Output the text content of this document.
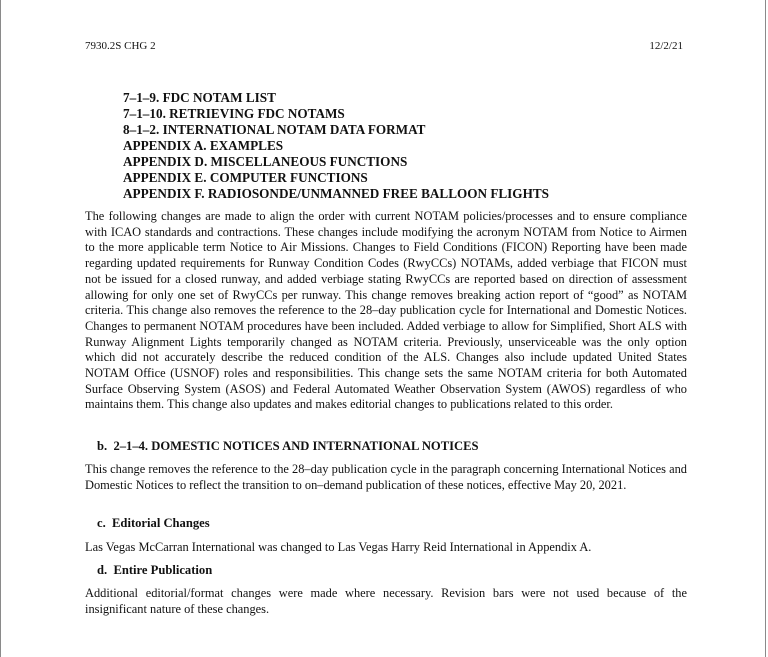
7930.2S CHG 2	12/2/21
7–1–9. FDC NOTAM LIST
7–1–10. RETRIEVING FDC NOTAMS
8–1–2. INTERNATIONAL NOTAM DATA FORMAT
APPENDIX A. EXAMPLES
APPENDIX D. MISCELLANEOUS FUNCTIONS
APPENDIX E. COMPUTER FUNCTIONS
APPENDIX F. RADIOSONDE/UNMANNED FREE BALLOON FLIGHTS

The following changes are made to align the order with current NOTAM policies/processes and to ensure compliance with ICAO standards and contractions. These changes include modifying the acronym NOTAM from Notice to Airmen to the more applicable term Notice to Air Missions. Changes to Field Conditions (FICON) Reporting have been made regarding updated requirements for Runway Condition Codes (RwyCCs) NOTAMs, added verbiage that FICON must not be issued for a closed runway, and added verbiage stating RwyCCs are reported based on direction of assessment allowing for only one set of RwyCCs per runway. This change removes breaking action report of “good” as NOTAM criteria. This change also removes the reference to the 28–day publication cycle for International and Domestic Notices. Changes to permanent NOTAM procedures have been included. Added verbiage to allow for Simplified, Short ALS with Runway Alignment Lights temporarily changed as NOTAM criteria. Previously, unserviceable was the only option which did not accurately describe the reduced condition of the ALS. Changes also include updated United States NOTAM Office (USNOF) roles and responsibilities. This change sets the same NOTAM criteria for both Automated Surface Observing System (ASOS) and Federal Automated Weather Observation System (AWOS) regardless of who maintains them. This change also updates and makes editorial changes to publications related to this order.

b.  2–1–4. DOMESTIC NOTICES AND INTERNATIONAL NOTICES

This change removes the reference to the 28–day publication cycle in the paragraph concerning International Notices and Domestic Notices to reflect the transition to on–demand publication of these notices, effective May 20, 2021.

c.  Editorial Changes

Las Vegas McCarran International was changed to Las Vegas Harry Reid International in Appendix A.

d.  Entire Publication

Additional editorial/format changes were made where necessary. Revision bars were not used because of the insignificant nature of these changes.
